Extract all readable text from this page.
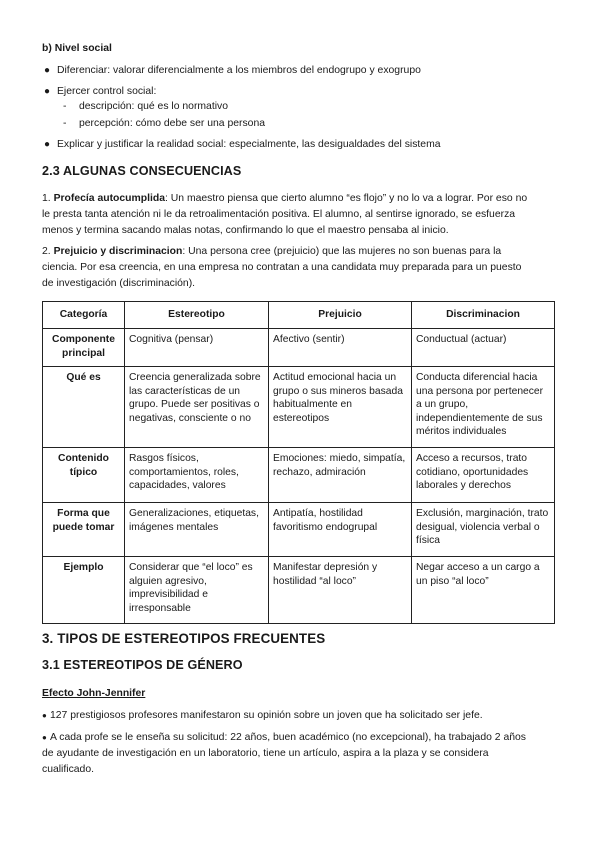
b) Nivel social
● Diferenciar: valorar diferencialmente a los miembros del endogrupo y exogrupo
● Ejercer control social:
- descripción: qué es lo normativo
- percepción: cómo debe ser una persona
● Explicar y justificar la realidad social: especialmente, las desigualdades del sistema
2.3 ALGUNAS CONSECUENCIAS
1. Profecía autocumplida: Un maestro piensa que cierto alumno “es flojo” y no lo va a lograr. Por eso no
le presta tanta atención ni le da retroalimentación positiva. El alumno, al sentirse ignorado, se esfuerza
menos y termina sacando malas notas, confirmando lo que el maestro pensaba al inicio.
2. Prejuicio y discriminacion: Una persona cree (prejuicio) que las mujeres no son buenas para la
ciencia. Por esa creencia, en una empresa no contratan a una candidata muy preparada para un puesto
de investigación (discriminación).
Categoría	Estereotipo	Prejuicio	Discriminacion
Componente principal	Cognitiva (pensar)	Afectivo (sentir)	Conductual (actuar)
Qué es	Creencia generalizada sobre las características de un grupo. Puede ser positivas o negativas, consciente o no	Actitud emocional hacia un grupo o sus mineros basada habitualmente en estereotipos	Conducta diferencial hacia una persona por pertenecer a un grupo, independientemente de sus méritos individuales
Contenido típico	Rasgos físicos, comportamientos, roles, capacidades, valores	Emociones: miedo, simpatía, rechazo, admiración	Acceso a recursos, trato cotidiano, oportunidades laborales y derechos
Forma que puede tomar	Generalizaciones, etiquetas, imágenes mentales	Antipatía, hostilidad favoritismo endogrupal	Exclusión, marginación, trato desigual, violencia verbal o física
Ejemplo	Considerar que “el loco” es alguien agresivo, imprevisibilidad e irresponsable	Manifestar depresión y hostilidad “al loco”	Negar acceso a un cargo a un piso “al loco”
3. TIPOS DE ESTEREOTIPOS FRECUENTES
3.1 ESTEREOTIPOS DE GÉNERO
Efecto John-Jennifer
● 127 prestigiosos profesores manifestaron su opinión sobre un joven que ha solicitado ser jefe.
● A cada profe se le enseña su solicitud: 22 años, buen académico (no excepcional), ha trabajado 2 años
de ayudante de investigación en un laboratorio, tiene un artículo, aspira a la plaza y se considera
cualificado.
